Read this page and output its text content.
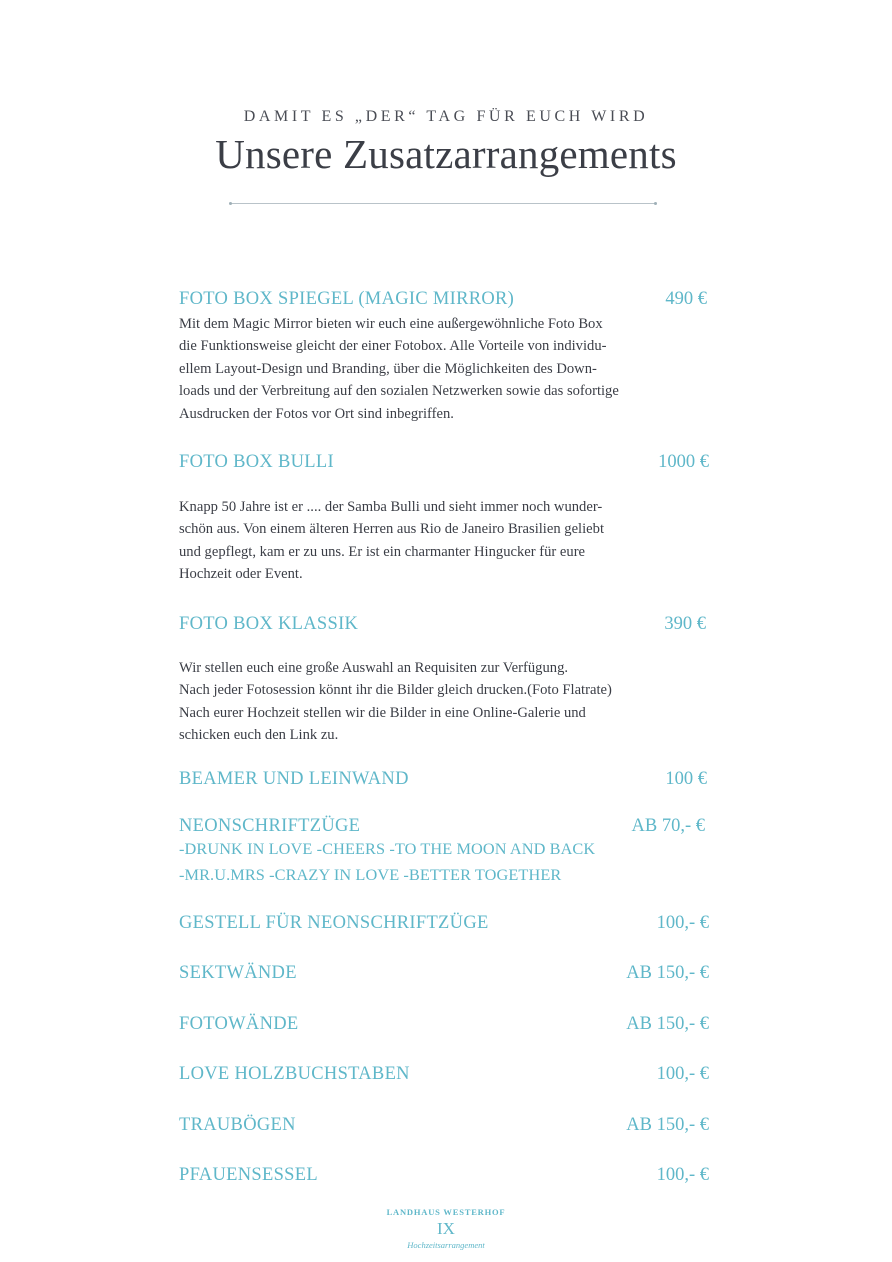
DAMIT ES „DER“ TAG FÜR EUCH WIRD
Unsere Zusatzarrangements
FOTO BOX SPIEGEL (MAGIC MIRROR)	490 €
Mit dem Magic Mirror bieten wir euch eine außergewöhnliche Foto Box
die Funktionsweise gleicht der einer Fotobox. Alle Vorteile von individu-
ellem Layout-Design und Branding, über die Möglichkeiten des Down-
loads und der Verbreitung auf den sozialen Netzwerken sowie das sofortige
Ausdrucken der Fotos vor Ort sind inbegriffen.
FOTO BOX BULLI	1000 €
Knapp 50 Jahre ist er .... der Samba Bulli und sieht immer noch wunder-
schön aus. Von einem älteren Herren aus Rio de Janeiro Brasilien geliebt
und gepflegt, kam er zu uns. Er ist ein charmanter Hingucker für eure
Hochzeit oder Event.
FOTO BOX KLASSIK	390 €
Wir stellen euch eine große Auswahl an Requisiten zur Verfügung.
Nach jeder Fotosession könnt ihr die Bilder gleich drucken.(Foto Flatrate)
Nach eurer Hochzeit stellen wir die Bilder in eine Online-Galerie und
schicken euch den Link zu.
BEAMER UND LEINWAND	100 €
NEONSCHRIFTZÜGE	AB 70,- €
-DRUNK IN LOVE -CHEERS -TO THE MOON AND BACK
-MR.U.MRS -CRAZY IN LOVE -BETTER TOGETHER
GESTELL FÜR NEONSCHRIFTZÜGE	100,- €
SEKTWÄNDE	AB 150,- €
FOTOWÄNDE	AB 150,- €
LOVE HOLZBUCHSTABEN	100,- €
TRAUBÖGEN	AB 150,- €
PFAUENSESSEL	100,- €
LANDHAUS WESTERHOF
IX
Hochzeitsarrangement
